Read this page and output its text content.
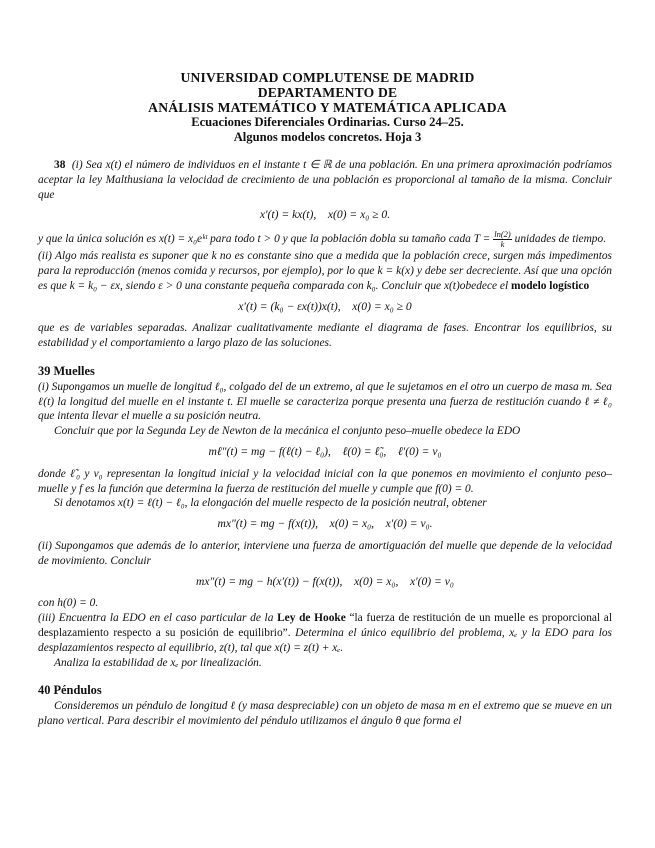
UNIVERSIDAD COMPLUTENSE DE MADRID
DEPARTAMENTO DE
ANÁLISIS MATEMÁTICO Y MATEMÁTICA APLICADA
Ecuaciones Diferenciales Ordinarias. Curso 24–25.
Algunos modelos concretos. Hoja 3

38 (i) Sea x(t) el número de individuos en el instante t ∈ ℝ de una población. En una primera aproximación podríamos aceptar la ley Malthusiana la velocidad de crecimiento de una población es proporcional al tamaño de la misma. Concluir que

x′(t) = kx(t),    x(0) = x₀ ≥ 0.

y que la única solución es x(t) = x₀eᵏᵗ para todo t > 0 y que la población dobla su tamaño cada $T = \frac{\ln(2)}{k}$ unidades de tiempo.

(ii) Algo más realista es suponer que k no es constante sino que a medida que la población crece, surgen más impedimentos para la reproducción (menos comida y recursos, por ejemplo), por lo que k = k(x) y debe ser decreciente. Así que una opción es que k = k₀ − εx, siendo ε > 0 una constante pequeña comparada con k₀. Concluir que x(t)obedece el modelo logístico

x′(t) = (k₀ − εx(t))x(t),    x(0) = x₀ ≥ 0

que es de variables separadas. Analizar cualitativamente mediante el diagrama de fases. Encontrar los equilibrios, su estabilidad y el comportamiento a largo plazo de las soluciones.

39 Muelles

(i) Supongamos un muelle de longitud ℓ₀, colgado del de un extremo, al que le sujetamos en el otro un cuerpo de masa m. Sea ℓ(t) la longitud del muelle en el instante t. El muelle se caracteriza porque presenta una fuerza de restitución cuando ℓ ≠ ℓ₀ que intenta llevar el muelle a su posición neutra.

Concluir que por la Segunda Ley de Newton de la mecánica el conjunto peso–muelle obedece la EDO

mℓ″(t) = mg − f(ℓ(t) − ℓ₀),    ℓ(0) = ℓ̃₀,    ℓ′(0) = v₀

donde ℓ̃₀ y v₀ representan la longitud inicial y la velocidad inicial con la que ponemos en movimiento el conjunto peso–muelle y f es la función que determina la fuerza de restitución del muelle y cumple que f(0) = 0.

Si denotamos x(t) = ℓ(t) − ℓ₀, la elongación del muelle respecto de la posición neutral, obtener

mx″(t) = mg − f(x(t)),    x(0) = x₀,    x′(0) = v₀.

(ii) Supongamos que además de lo anterior, interviene una fuerza de amortiguación del muelle que depende de la velocidad de movimiento. Concluir

mx″(t) = mg − h(x′(t)) − f(x(t)),    x(0) = x₀,    x′(0) = v₀

con h(0) = 0.

(iii) Encuentra la EDO en el caso particular de la Ley de Hooke “la fuerza de restitución de un muelle es proporcional al desplazamiento respecto a su posición de equilibrio”. Determina el único equilibrio del problema, xₑ y la EDO para los desplazamientos respecto al equilibrio, z(t), tal que x(t) = z(t) + xₑ.

Analiza la estabilidad de xₑ por linealización.

40 Péndulos

Consideremos un péndulo de longitud ℓ (y masa despreciable) con un objeto de masa m en el extremo que se mueve en un plano vertical. Para describir el movimiento del péndulo utilizamos el ángulo θ que forma el
